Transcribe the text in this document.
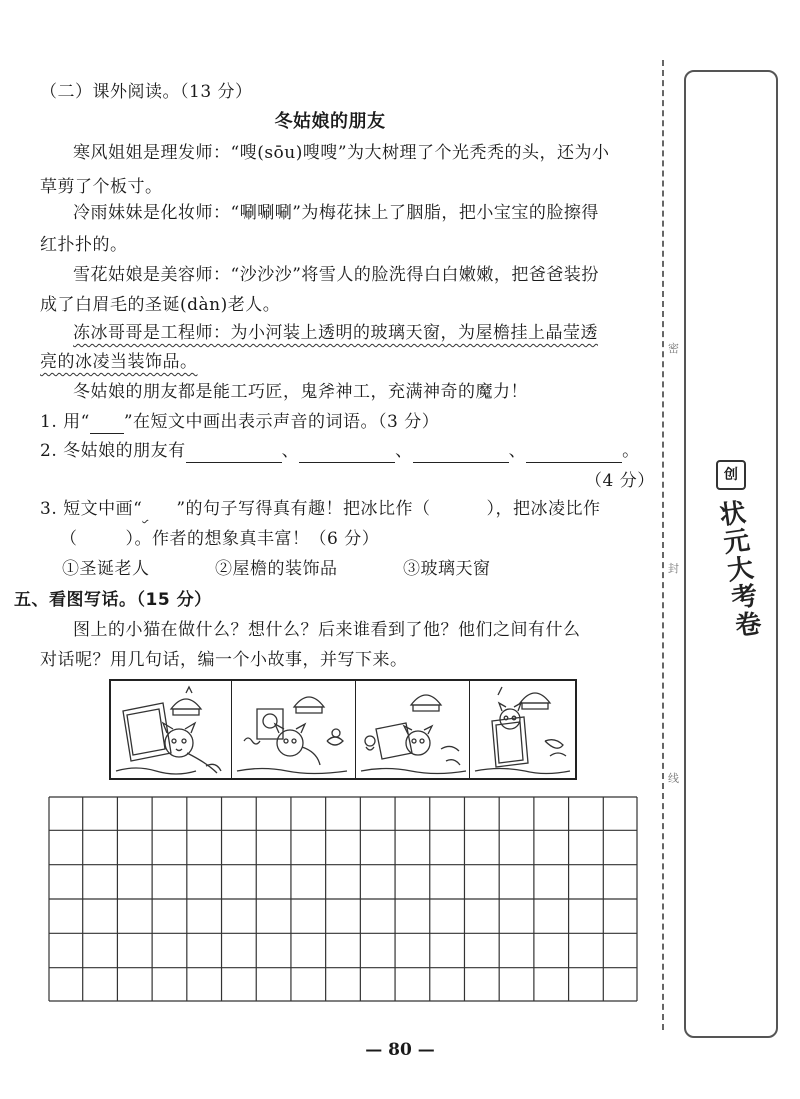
（二）课外阅读。（13 分）
冬姑娘的朋友
寒风姐姐是理发师：“嗖(sōu)嗖嗖”为大树理了个光秃秃的头，还为小
草剪了个板寸。
冷雨妹妹是化妆师：“唰唰唰”为梅花抹上了胭脂，把小宝宝的脸擦得
红扑扑的。
雪花姑娘是美容师：“沙沙沙”将雪人的脸洗得白白嫩嫩，把爸爸装扮
成了白眉毛的圣诞(dàn)老人。
冻冰哥哥是工程师：为小河装上透明的玻璃天窗，为屋檐挂上晶莹透
亮的冰凌当装饰品。
冬姑娘的朋友都是能工巧匠，鬼斧神工，充满神奇的魔力！
1. 用“ ”在短文中画出表示声音的词语。（3 分）
2. 冬姑娘的朋友有	、	、	、	。
（4 分）
3. 短文中画“ ”的句子写得真有趣！把冰比作（	），把冰凌比作
（	）。作者的想象真丰富！（6 分）
①圣诞老人	②屋檐的装饰品	③玻璃天窗
五、看图写话。（15 分）
图上的小猫在做什么？想什么？后来谁看到了他？他们之间有什么
对话呢？用几句话，编一个小故事，并写下来。
密
封
线
创
状元大考卷
— 80 —
